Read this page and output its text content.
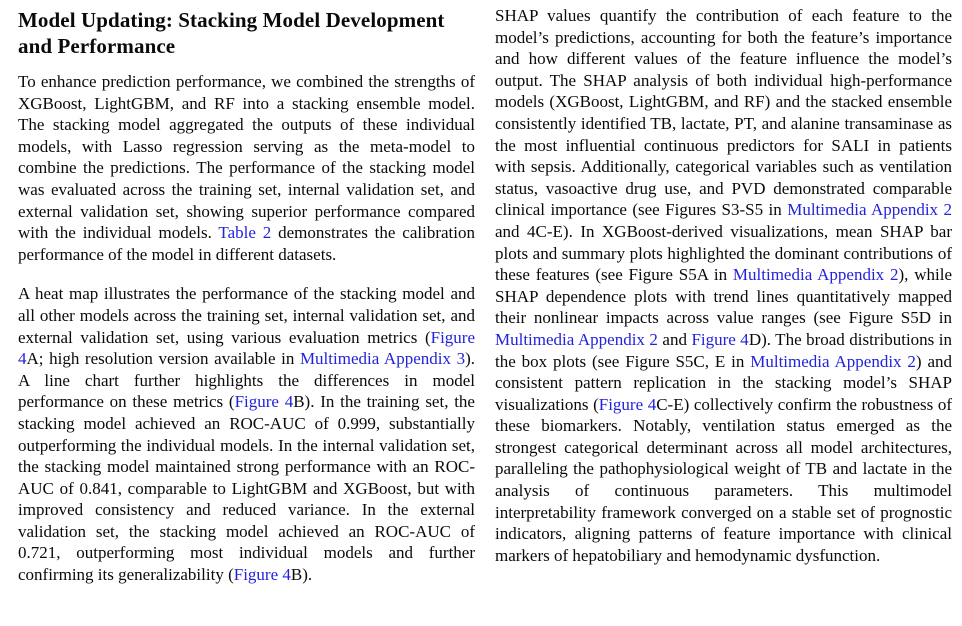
Model Updating: Stacking Model Development and Performance

To enhance prediction performance, we combined the strengths of XGBoost, LightGBM, and RF into a stacking ensemble model. The stacking model aggregated the outputs of these individual models, with Lasso regression serving as the meta-model to combine the predictions. The performance of the stacking model was evaluated across the training set, internal validation set, and external validation set, showing superior performance compared with the individual models. Table 2 demonstrates the calibration performance of the model in different datasets.

A heat map illustrates the performance of the stacking model and all other models across the training set, internal validation set, and external validation set, using various evaluation metrics (Figure 4A; high resolution version available in Multimedia Appendix 3). A line chart further highlights the differences in model performance on these metrics (Figure 4B). In the training set, the stacking model achieved an ROC-AUC of 0.999, substantially outperforming the individual models. In the internal validation set, the stacking model maintained strong performance with an ROC-AUC of 0.841, comparable to LightGBM and XGBoost, but with improved consistency and reduced variance. In the external validation set, the stacking model achieved an ROC-AUC of 0.721, outperforming most individual models and further confirming its generalizability (Figure 4B).

SHAP values quantify the contribution of each feature to the model’s predictions, accounting for both the feature’s importance and how different values of the feature influence the model’s output. The SHAP analysis of both individual high-performance models (XGBoost, LightGBM, and RF) and the stacked ensemble consistently identified TB, lactate, PT, and alanine transaminase as the most influential continuous predictors for SALI in patients with sepsis. Additionally, categorical variables such as ventilation status, vasoactive drug use, and PVD demonstrated comparable clinical importance (see Figures S3-S5 in Multimedia Appendix 2 and 4C-E). In XGBoost-derived visualizations, mean SHAP bar plots and summary plots highlighted the dominant contributions of these features (see Figure S5A in Multimedia Appendix 2), while SHAP dependence plots with trend lines quantitatively mapped their nonlinear impacts across value ranges (see Figure S5D in Multimedia Appendix 2 and Figure 4D). The broad distributions in the box plots (see Figure S5C, E in Multimedia Appendix 2) and consistent pattern replication in the stacking model’s SHAP visualizations (Figure 4C-E) collectively confirm the robustness of these biomarkers. Notably, ventilation status emerged as the strongest categorical determinant across all model architectures, paralleling the pathophysiological weight of TB and lactate in the analysis of continuous parameters. This multimodel interpretability framework converged on a stable set of prognostic indicators, aligning patterns of feature importance with clinical markers of hepatobiliary and hemodynamic dysfunction.
